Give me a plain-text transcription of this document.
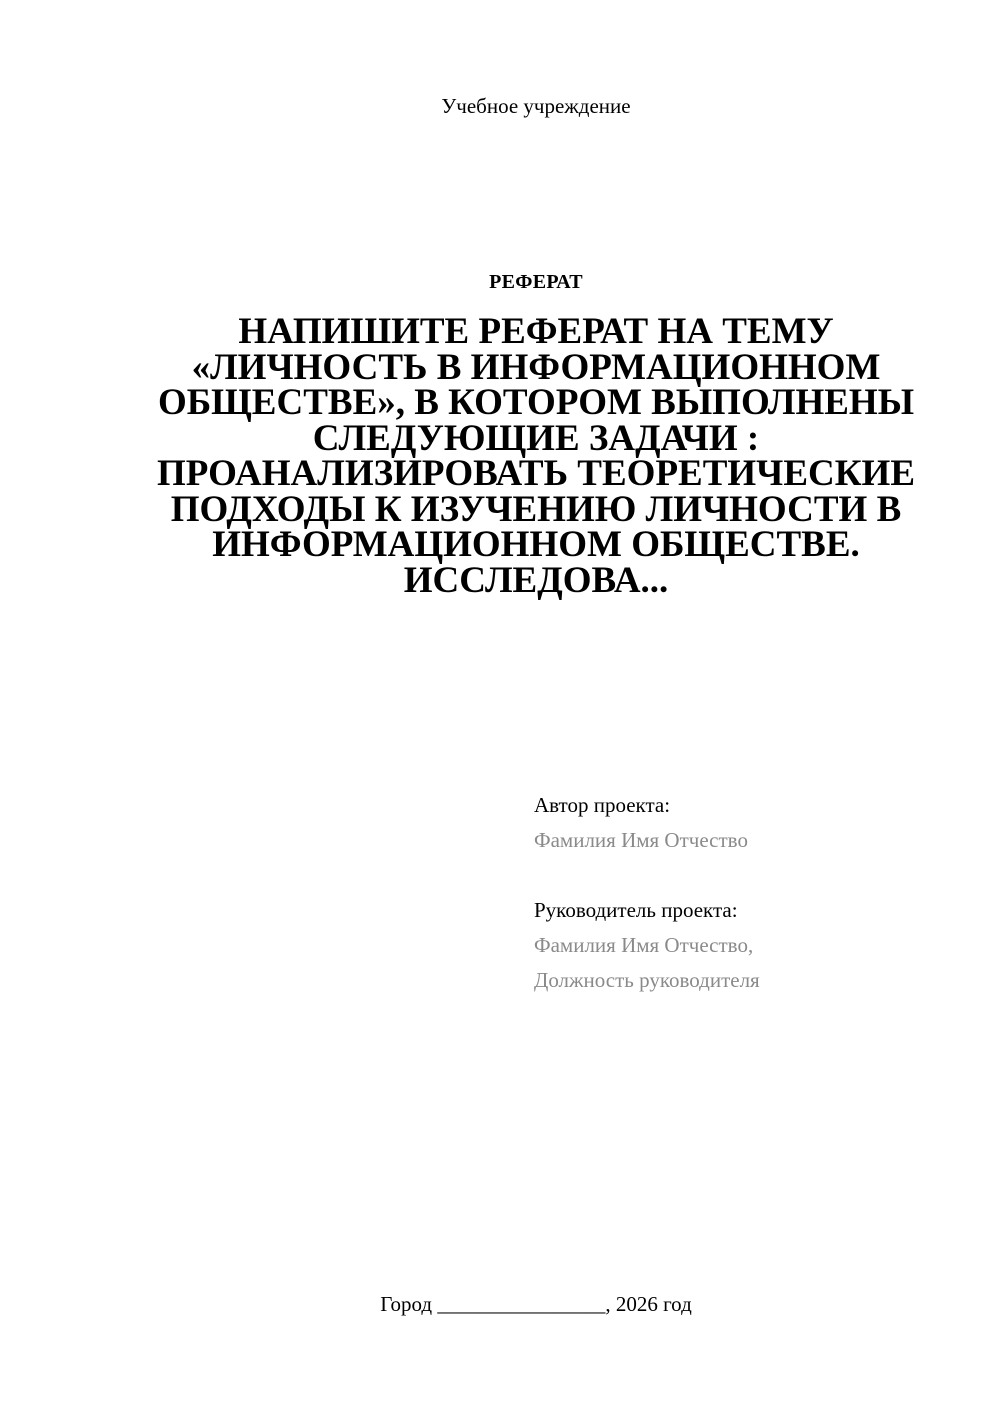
Учебное учреждение
РЕФЕРАТ
НАПИШИТЕ РЕФЕРАТ НА ТЕМУ «ЛИЧНОСТЬ В ИНФОРМАЦИОННОМ ОБЩЕСТВЕ», В КОТОРОМ ВЫПОЛНЕНЫ СЛЕДУЮЩИЕ ЗАДАЧИ : ПРОАНАЛИЗИРОВАТЬ ТЕОРЕТИЧЕСКИЕ ПОДХОДЫ К ИЗУЧЕНИЮ ЛИЧНОСТИ В ИНФОРМАЦИОННОМ ОБЩЕСТВЕ. ИССЛЕДОВА...

Автор проекта:

Фамилия Имя Отчество

Руководитель проекта:

Фамилия Имя Отчество,

Должность руководителя

Город ________________, 2026 год
